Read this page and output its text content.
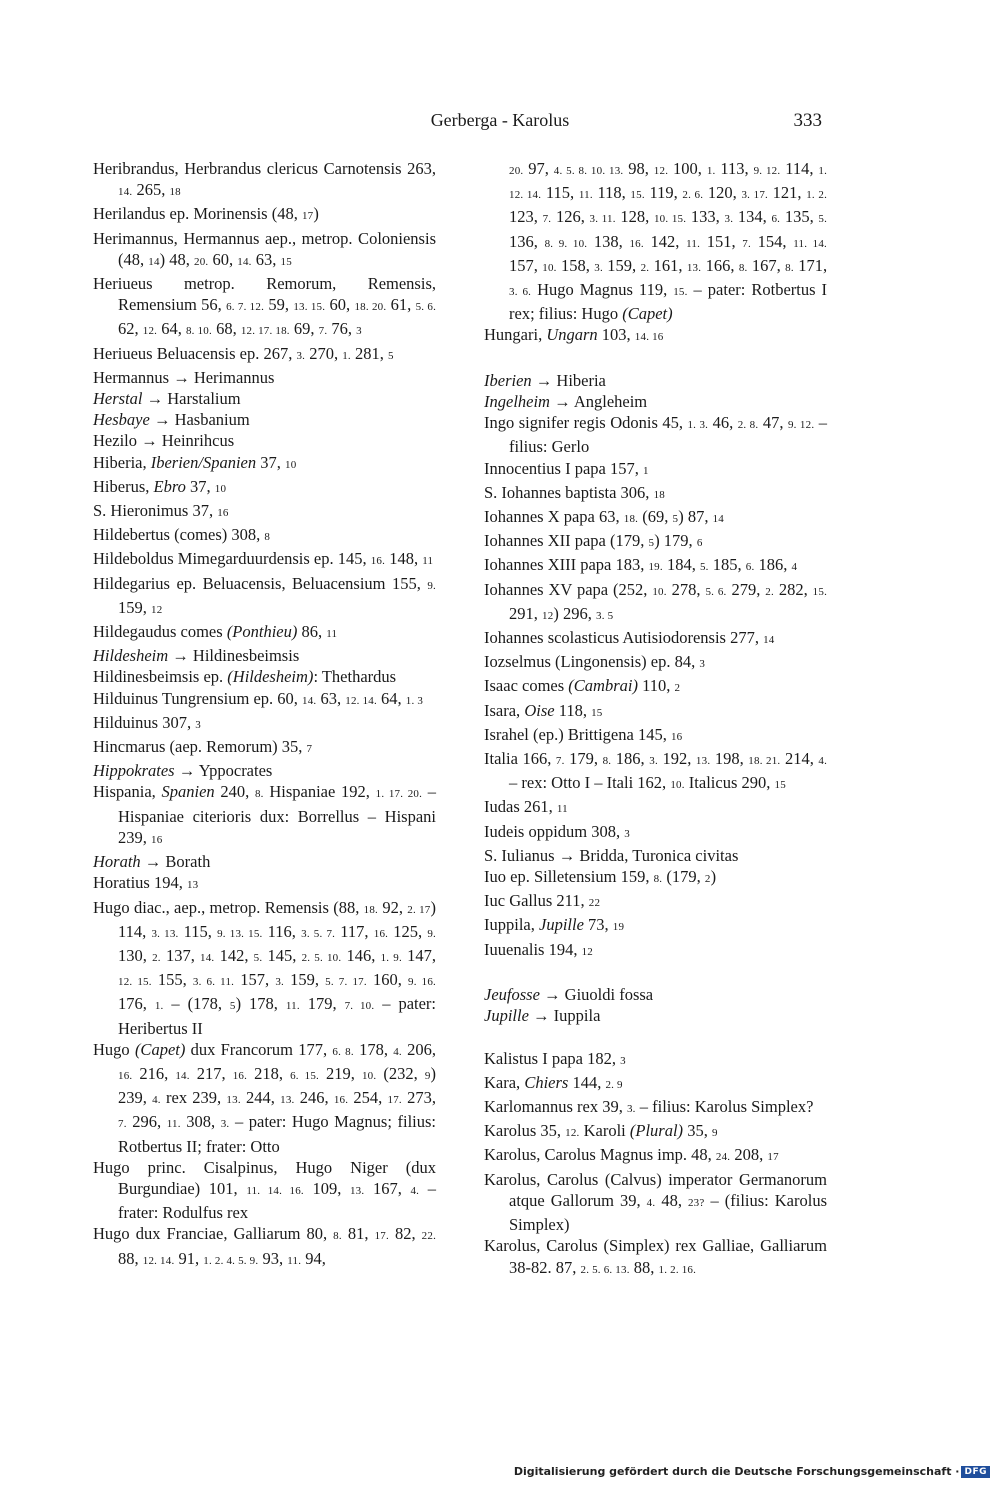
Gerberga - Karolus	333
Heribrandus, Herbrandus clericus Carnotensis 263, 14. 265, 18
Herilandus ep. Morinensis (48, 17)
Herimannus, Hermannus aep., metrop. Coloniensis (48, 14) 48, 20. 60, 14. 63, 15
Heriueus metrop. Remorum, Remensis, Remensium 56, 6. 7. 12. 59, 13. 15. 60, 18. 20. 61, 5. 6. 62, 12. 64, 8. 10. 68, 12. 17. 18. 69, 7. 76, 3
Heriueus Beluacensis ep. 267, 3. 270, 1. 281, 5
Hermannus → Herimannus
Herstal → Harstalium
Hesbaye → Hasbanium
Hezilo → Heinrihcus
Hiberia, Iberien/Spanien 37, 10
Hiberus, Ebro 37, 10
S. Hieronimus 37, 16
Hildebertus (comes) 308, 8
Hildeboldus Mimegarduurdensis ep. 145, 16. 148, 11
Hildegarius ep. Beluacensis, Beluacensium 155, 9. 159, 12
Hildegaudus comes (Ponthieu) 86, 11
Hildesheim → Hildinesbeimsis
Hildinesbeimsis ep. (Hildesheim): Thethardus
Hilduinus Tungrensium ep. 60, 14. 63, 12. 14. 64, 1. 3
Hilduinus 307, 3
Hincmarus (aep. Remorum) 35, 7
Hippokrates → Yppocrates
Hispania, Spanien 240, 8. Hispaniae 192, 1. 17. 20. – Hispaniae citerioris dux: Borrellus – Hispani 239, 16
Horath → Borath
Horatius 194, 13
Hugo diac., aep., metrop. Remensis (88, 18. 92, 2. 17) 114, 3. 13. 115, 9. 13. 15. 116, 3. 5. 7. 117, 16. 125, 9. 130, 2. 137, 14. 142, 5. 145, 2. 5. 10. 146, 1. 9. 147, 12. 15. 155, 3. 6. 11. 157, 3. 159, 5. 7. 17. 160, 9. 16. 176, 1. – (178, 5) 178, 11. 179, 7. 10. – pater: Heribertus II
Hugo (Capet) dux Francorum 177, 6. 8. 178, 4. 206, 16. 216, 14. 217, 16. 218, 6. 15. 219, 10. (232, 9) 239, 4. rex 239, 13. 244, 13. 246, 16. 254, 17. 273, 7. 296, 11. 308, 3. – pater: Hugo Magnus; filius: Rotbertus II; frater: Otto
Hugo princ. Cisalpinus, Hugo Niger (dux Burgundiae) 101, 11. 14. 16. 109, 13. 167, 4. – frater: Rodulfus rex
Hugo dux Franciae, Galliarum 80, 8. 81, 17. 82, 22. 88, 12. 14. 91, 1. 2. 4. 5. 9. 93, 11. 94,
20. 97, 4. 5. 8. 10. 13. 98, 12. 100, 1. 113, 9. 12. 114, 1. 12. 14. 115, 11. 118, 15. 119, 2. 6. 120, 3. 17. 121, 1. 2. 123, 7. 126, 3. 11. 128, 10. 15. 133, 3. 134, 6. 135, 5. 136, 8. 9. 10. 138, 16. 142, 11. 151, 7. 154, 11. 14. 157, 10. 158, 3. 159, 2. 161, 13. 166, 8. 167, 8. 171, 3. 6. Hugo Magnus 119, 15. – pater: Rotbertus I rex; filius: Hugo (Capet)
Hungari, Ungarn 103, 14. 16
Iberien → Hiberia
Ingelheim → Angleheim
Ingo signifer regis Odonis 45, 1. 3. 46, 2. 8. 47, 9. 12. – filius: Gerlo
Innocentius I papa 157, 1
S. Iohannes baptista 306, 18
Iohannes X papa 63, 18. (69, 5) 87, 14
Iohannes XII papa (179, 5) 179, 6
Iohannes XIII papa 183, 19. 184, 5. 185, 6. 186, 4
Iohannes XV papa (252, 10. 278, 5. 6. 279, 2. 282, 15. 291, 12) 296, 3. 5
Iohannes scolasticus Autisiodorensis 277, 14
Iozselmus (Lingonensis) ep. 84, 3
Isaac comes (Cambrai) 110, 2
Isara, Oise 118, 15
Israhel (ep.) Brittigena 145, 16
Italia 166, 7. 179, 8. 186, 3. 192, 13. 198, 18. 21. 214, 4. – rex: Otto I – Itali 162, 10. Italicus 290, 15
Iudas 261, 11
Iudeis oppidum 308, 3
S. Iulianus → Bridda, Turonica civitas
Iuo ep. Silletensium 159, 8. (179, 2)
Iuc Gallus 211, 22
Iuppila, Jupille 73, 19
Iuuenalis 194, 12
Jeufosse → Giuoldi fossa
Jupille → Iuppila
Kalistus I papa 182, 3
Kara, Chiers 144, 2. 9
Karlomannus rex 39, 3. – filius: Karolus Simplex?
Karolus 35, 12. Karoli (Plural) 35, 9
Karolus, Carolus Magnus imp. 48, 24. 208, 17
Karolus, Carolus (Calvus) imperator Germanorum atque Gallorum 39, 4. 48, 23? – (filius: Karolus Simplex)
Karolus, Carolus (Simplex) rex Galliae, Galliarum 38-82. 87, 2. 5. 6. 13. 88, 1. 2. 16.
Digitalisierung gefördert durch die Deutsche Forschungsgemeinschaft · DFG
